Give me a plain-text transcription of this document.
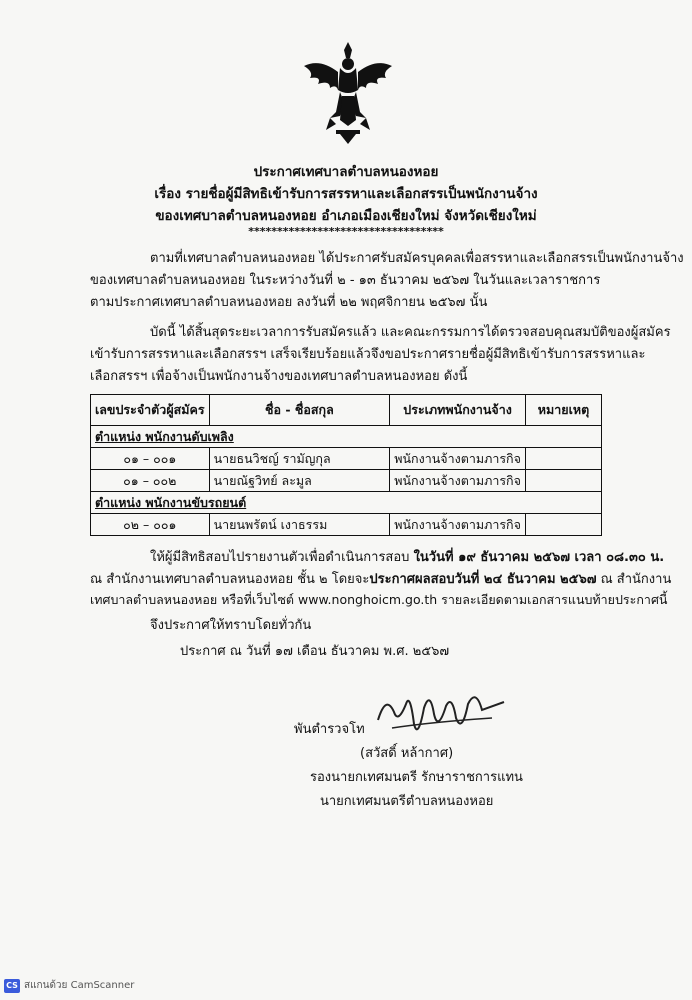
ประกาศเทศบาลตำบลหนองหอย
เรื่อง รายชื่อผู้มีสิทธิเข้ารับการสรรหาและเลือกสรรเป็นพนักงานจ้าง
ของเทศบาลตำบลหนองหอย อำเภอเมืองเชียงใหม่ จังหวัดเชียงใหม่
**********************************
ตามที่เทศบาลตำบลหนองหอย ได้ประกาศรับสมัครบุคคลเพื่อสรรหาและเลือกสรรเป็นพนักงานจ้าง
ของเทศบาลตำบลหนองหอย ในระหว่างวันที่ ๒ - ๑๓ ธันวาคม ๒๕๖๗ ในวันและเวลาราชการ
ตามประกาศเทศบาลตำบลหนองหอย ลงวันที่ ๒๒ พฤศจิกายน ๒๕๖๗ นั้น
บัดนี้ ได้สิ้นสุดระยะเวลาการรับสมัครแล้ว และคณะกรรมการได้ตรวจสอบคุณสมบัติของผู้สมัคร
เข้ารับการสรรหาและเลือกสรรฯ เสร็จเรียบร้อยแล้วจึงขอประกาศรายชื่อผู้มีสิทธิเข้ารับการสรรหาและ
เลือกสรรฯ เพื่อจ้างเป็นพนักงานจ้างของเทศบาลตำบลหนองหอย ดังนี้
เลขประจำตัวผู้สมัคร	ชื่อ - ชื่อสกุล	ประเภทพนักงานจ้าง	หมายเหตุ
ตำแหน่ง พนักงานดับเพลิง			
๐๑ – ๐๐๑	นายธนวิชญ์ รามัญกุล	พนักงานจ้างตามภารกิจ	
๐๑ – ๐๐๒	นายณัฐวิทย์ ละมูล	พนักงานจ้างตามภารกิจ	
ตำแหน่ง พนักงานขับรถยนต์			
๐๒ – ๐๐๑	นายนพรัตน์ เงาธรรม	พนักงานจ้างตามภารกิจ	
ให้ผู้มีสิทธิสอบไปรายงานตัวเพื่อดำเนินการสอบ ในวันที่ ๑๙ ธันวาคม ๒๕๖๗ เวลา ๐๘.๓๐ น.
ณ สำนักงานเทศบาลตำบลหนองหอย ชั้น ๒ โดยจะประกาศผลสอบวันที่ ๒๔ ธันวาคม ๒๕๖๗ ณ สำนักงาน
เทศบาลตำบลหนองหอย หรือที่เว็บไซต์ www.nonghoicm.go.th รายละเอียดตามเอกสารแนบท้ายประกาศนี้
จึงประกาศให้ทราบโดยทั่วกัน
ประกาศ ณ วันที่ ๑๗ เดือน ธันวาคม พ.ศ. ๒๕๖๗
พันตำรวจโท
(สวัสดิ์ หล้ากาศ)
รองนายกเทศมนตรี รักษาราชการแทน
นายกเทศมนตรีตำบลหนองหอย
CS สแกนด้วย CamScanner
